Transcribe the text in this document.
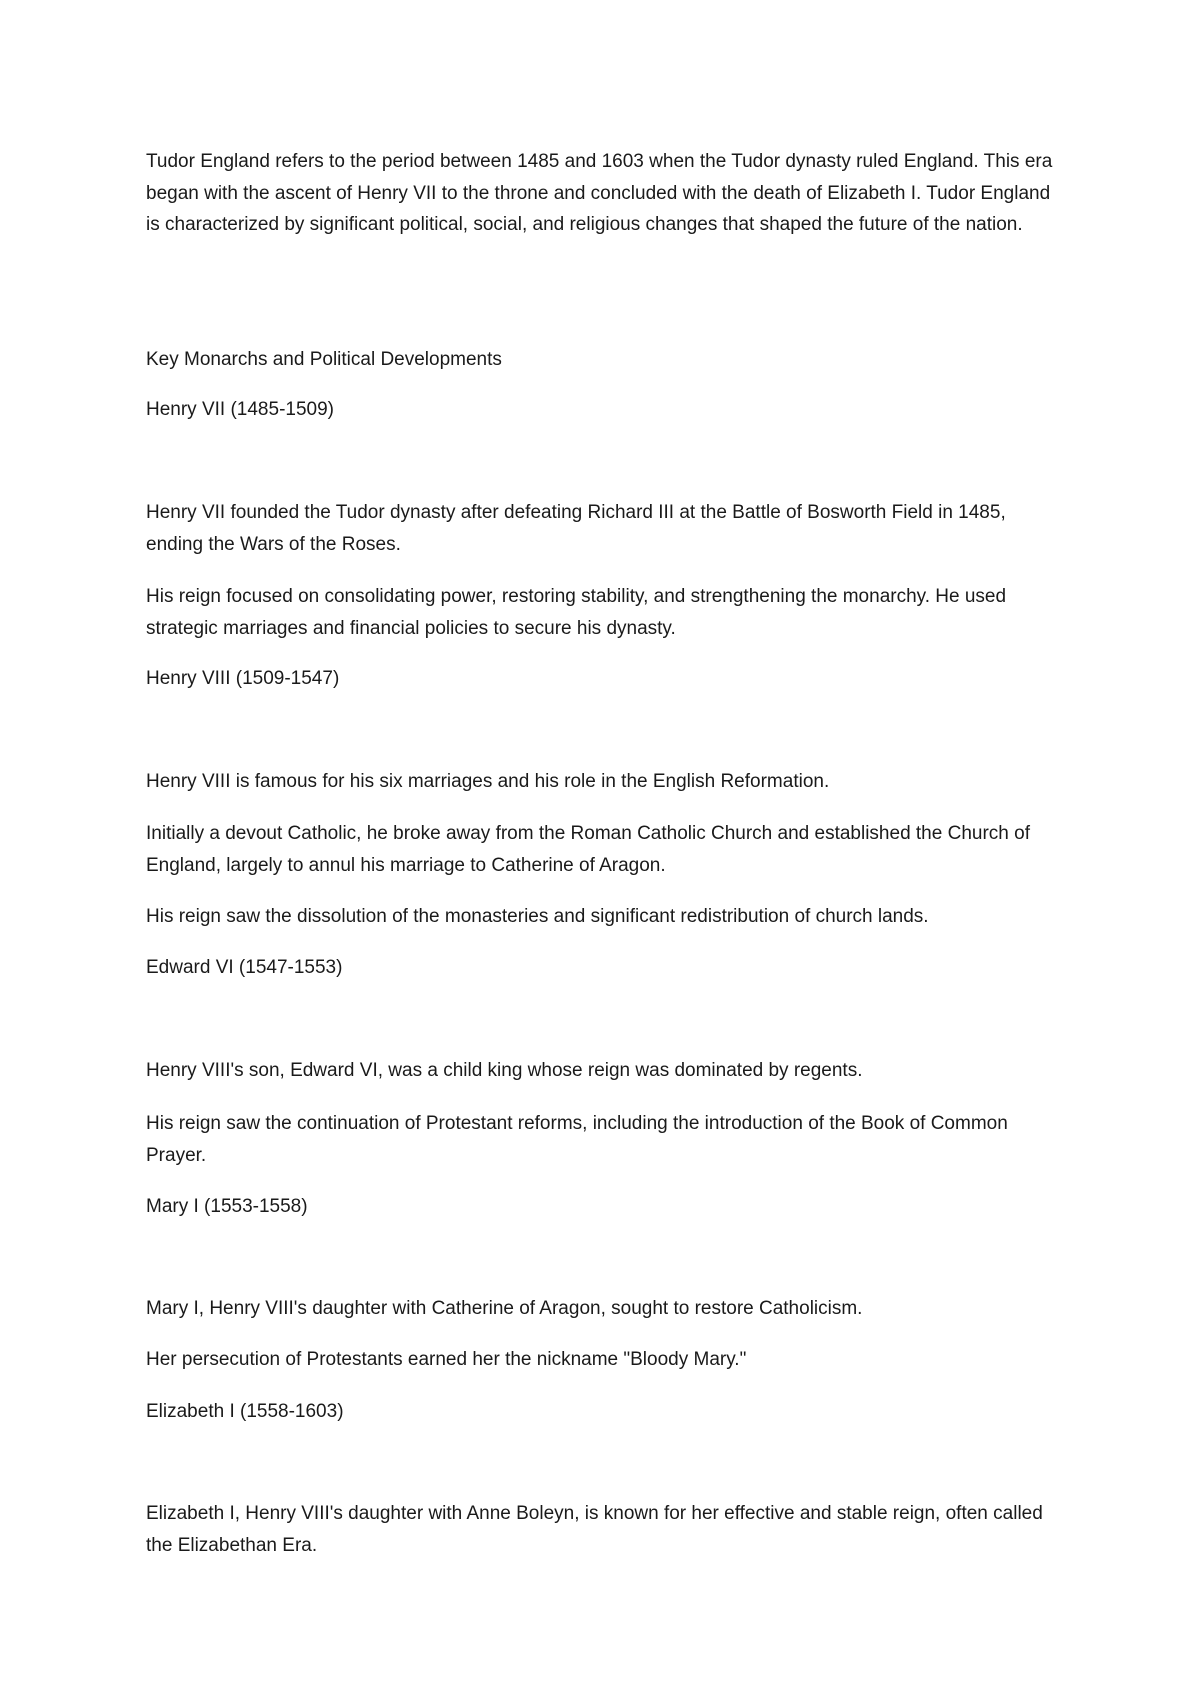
Tudor England refers to the period between 1485 and 1603 when the Tudor dynasty ruled England. This era began with the ascent of Henry VII to the throne and concluded with the death of Elizabeth I. Tudor England is characterized by significant political, social, and religious changes that shaped the future of the nation.

Key Monarchs and Political Developments

Henry VII (1485-1509)

Henry VII founded the Tudor dynasty after defeating Richard III at the Battle of Bosworth Field in 1485, ending the Wars of the Roses.

His reign focused on consolidating power, restoring stability, and strengthening the monarchy. He used strategic marriages and financial policies to secure his dynasty.

Henry VIII (1509-1547)

Henry VIII is famous for his six marriages and his role in the English Reformation.

Initially a devout Catholic, he broke away from the Roman Catholic Church and established the Church of England, largely to annul his marriage to Catherine of Aragon.

His reign saw the dissolution of the monasteries and significant redistribution of church lands.

Edward VI (1547-1553)

Henry VIII's son, Edward VI, was a child king whose reign was dominated by regents.

His reign saw the continuation of Protestant reforms, including the introduction of the Book of Common Prayer.

Mary I (1553-1558)

Mary I, Henry VIII's daughter with Catherine of Aragon, sought to restore Catholicism.

Her persecution of Protestants earned her the nickname "Bloody Mary."

Elizabeth I (1558-1603)

Elizabeth I, Henry VIII's daughter with Anne Boleyn, is known for her effective and stable reign, often called the Elizabethan Era.
